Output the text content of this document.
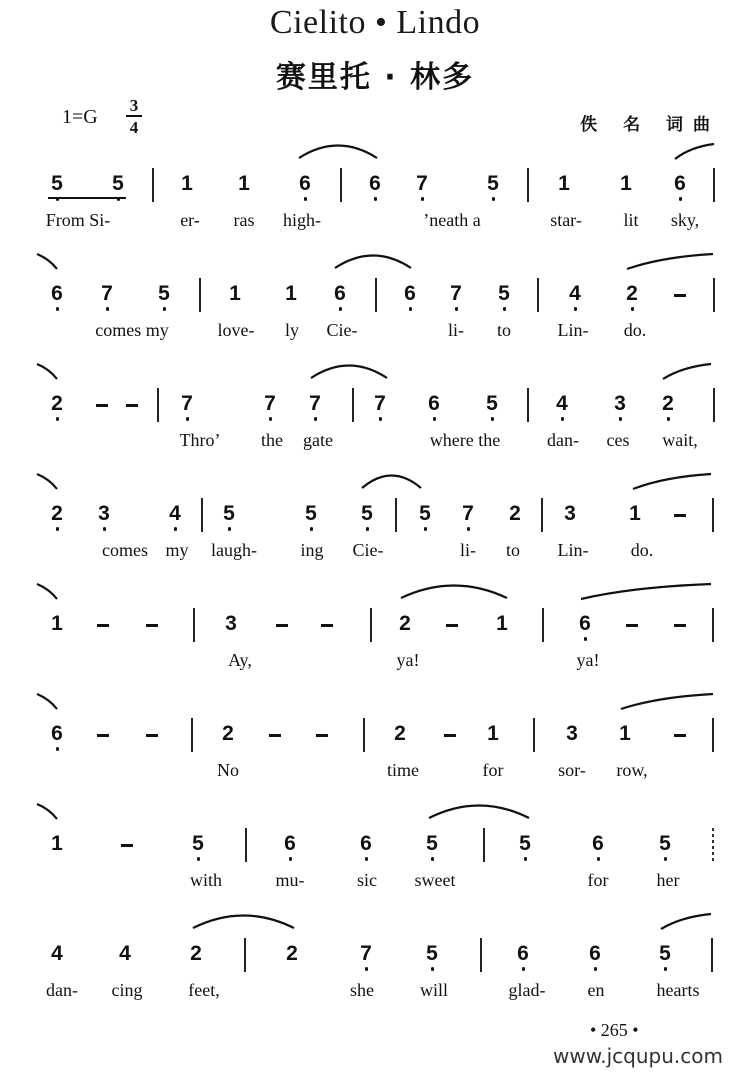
Cielito • Lindo
赛里托 · 林多
1=G
3
4	佚 名 词曲
5 5	1 1 6	6 7	5	1 1 6
From Si-	er- ras high-	’neath a	star- lit sky,
6 7 5	1 1 6	6 7 5	4 2
comes my	love- ly Cie-	li- to	Lin- do.
2	7	7 7	7 6 5	4 3 2
Thro’ the gate	where the	dan- ces wait,
2 3	4 5	5 5 5 7 2 3	1
comes my laugh- ing Cie-	li- to Lin- do.
1	3	2	1	6
Ay,	ya!	ya!
6	2	2	1	3 1
No	time	for	sor- row,
1	5	6	6	5	5	6	5
with	mu-	sic sweet	for	her
4	4	2	2	7	5	6	6	5
dan- cing	feet,	she	will	glad- en	hearts
• 265 •
www.jcqupu.com
